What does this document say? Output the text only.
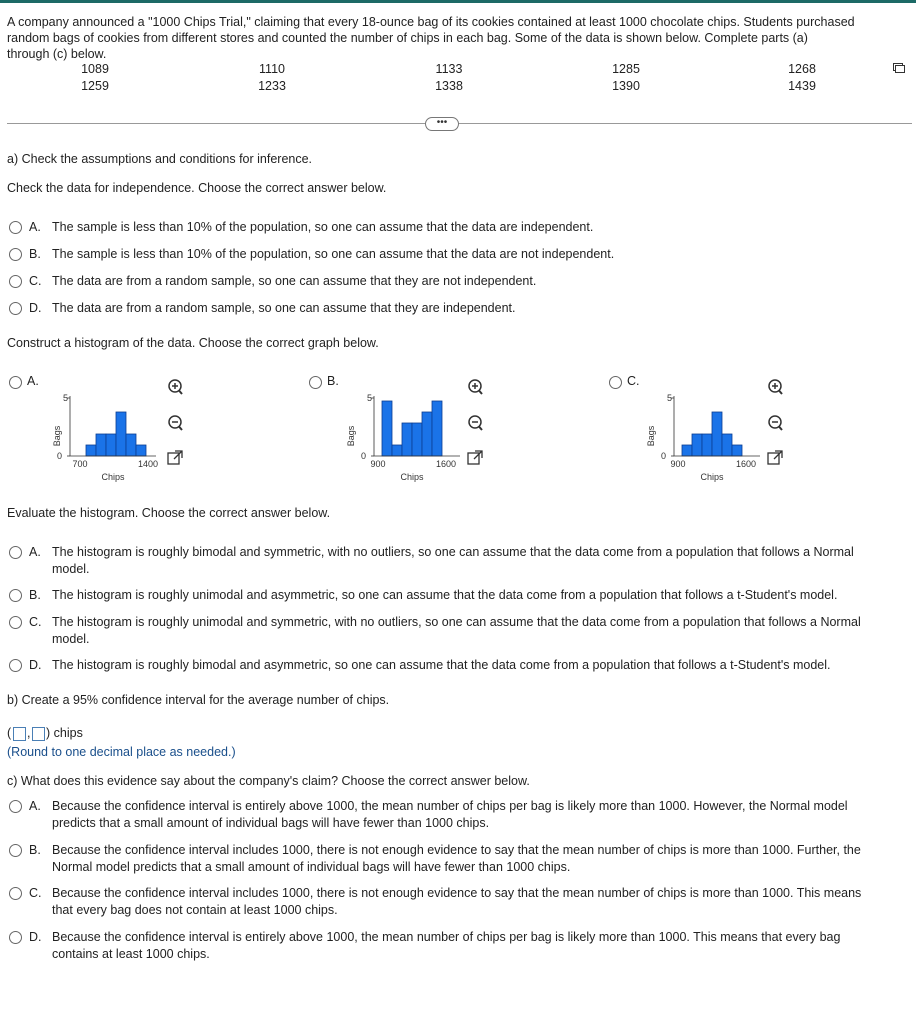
A company announced a "1000 Chips Trial," claiming that every 18-ounce bag of its cookies contained at least 1000 chocolate chips. Students purchased
random bags of cookies from different stores and counted the number of chips in each bag. Some of the data is shown below. Complete parts (a)
through (c) below.
1089	1110	1133	1285	1268
1259	1233	1338	1390	1439
•••
a) Check the assumptions and conditions for inference.
Check the data for independence. Choose the correct answer below.
A. The sample is less than 10% of the population, so one can assume that the data are independent.
B. The sample is less than 10% of the population, so one can assume that the data are not independent.
C. The data are from a random sample, so one can assume that they are not independent.
D. The data are from a random sample, so one can assume that they are independent.
Construct a histogram of the data. Choose the correct graph below.
A.
Bags
5
0
700	1400
Chips
B.
Bags
5
0
900	1600
Chips
C.
Bags
5
0
900	1600
Chips
Evaluate the histogram. Choose the correct answer below.
A. The histogram is roughly bimodal and symmetric, with no outliers, so one can assume that the data come from a population that follows a Normal
model.
B. The histogram is roughly unimodal and asymmetric, so one can assume that the data come from a population that follows a t-Student's model.
C. The histogram is roughly unimodal and symmetric, with no outliers, so one can assume that the data come from a population that follows a Normal
model.
D. The histogram is roughly bimodal and asymmetric, so one can assume that the data come from a population that follows a t-Student's model.
b) Create a 95% confidence interval for the average number of chips.
( , ) chips
(Round to one decimal place as needed.)
c) What does this evidence say about the company's claim? Choose the correct answer below.
A. Because the confidence interval is entirely above 1000, the mean number of chips per bag is likely more than 1000. However, the Normal model
predicts that a small amount of individual bags will have fewer than 1000 chips.
B. Because the confidence interval includes 1000, there is not enough evidence to say that the mean number of chips is more than 1000. Further, the
Normal model predicts that a small amount of individual bags will have fewer than 1000 chips.
C. Because the confidence interval includes 1000, there is not enough evidence to say that the mean number of chips is more than 1000. This means
that every bag does not contain at least 1000 chips.
D. Because the confidence interval is entirely above 1000, the mean number of chips per bag is likely more than 1000. This means that every bag
contains at least 1000 chips.
